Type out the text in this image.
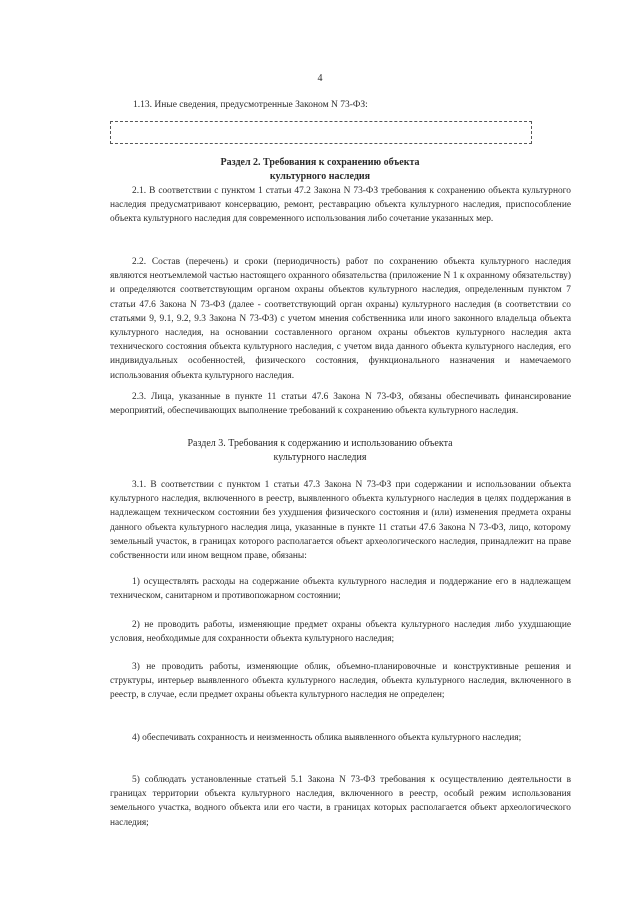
4
1.13. Иные сведения, предусмотренные Законом N 73-ФЗ:
Раздел 2. Требования к сохранению объекта
культурного наследия

2.1. В соответствии с пунктом 1 статьи 47.2 Закона N 73-ФЗ требования к сохранению объекта культурного наследия предусматривают консервацию, ремонт, реставрацию объекта культурного наследия, приспособление объекта культурного наследия для современного использования либо сочетание указанных мер.

2.2. Состав (перечень) и сроки (периодичность) работ по сохранению объекта культурного наследия являются неотъемлемой частью настоящего охранного обязательства (приложение N 1 к охранному обязательству) и определяются соответствующим органом охраны объектов культурного наследия, определенным пунктом 7 статьи 47.6 Закона N 73-ФЗ (далее - соответствующий орган охраны) культурного наследия (в соответствии со статьями 9, 9.1, 9.2, 9.3 Закона N 73-ФЗ) с учетом мнения собственника или иного законного владельца объекта культурного наследия, на основании составленного органом охраны объектов культурного наследия акта технического состояния объекта культурного наследия, с учетом вида данного объекта культурного наследия, его индивидуальных особенностей, физического состояния, функционального назначения и намечаемого использования объекта культурного наследия.

2.3. Лица, указанные в пункте 11 статьи 47.6 Закона N 73-ФЗ, обязаны обеспечивать финансирование мероприятий, обеспечивающих выполнение требований к сохранению объекта культурного наследия.

Раздел 3. Требования к содержанию и использованию объекта
культурного наследия

3.1. В соответствии с пунктом 1 статьи 47.3 Закона N 73-ФЗ при содержании и использовании объекта культурного наследия, включенного в реестр, выявленного объекта культурного наследия в целях поддержания в надлежащем техническом состоянии без ухудшения физического состояния и (или) изменения предмета охраны данного объекта культурного наследия лица, указанные в пункте 11 статьи 47.6 Закона N 73-ФЗ, лицо, которому земельный участок, в границах которого располагается объект археологического наследия, принадлежит на праве собственности или ином вещном праве, обязаны:

1) осуществлять расходы на содержание объекта культурного наследия и поддержание его в надлежащем техническом, санитарном и противопожарном состоянии;

2) не проводить работы, изменяющие предмет охраны объекта культурного наследия либо ухудшающие условия, необходимые для сохранности объекта культурного наследия;

3) не проводить работы, изменяющие облик, объемно-планировочные и конструктивные решения и структуры, интерьер выявленного объекта культурного наследия, объекта культурного наследия, включенного в реестр, в случае, если предмет охраны объекта культурного наследия не определен;

4) обеспечивать сохранность и неизменность облика выявленного объекта культурного наследия;

5) соблюдать установленные статьей 5.1 Закона N 73-ФЗ требования к осуществлению деятельности в границах территории объекта культурного наследия, включенного в реестр, особый режим использования земельного участка, водного объекта или его части, в границах которых располагается объект археологического наследия;
